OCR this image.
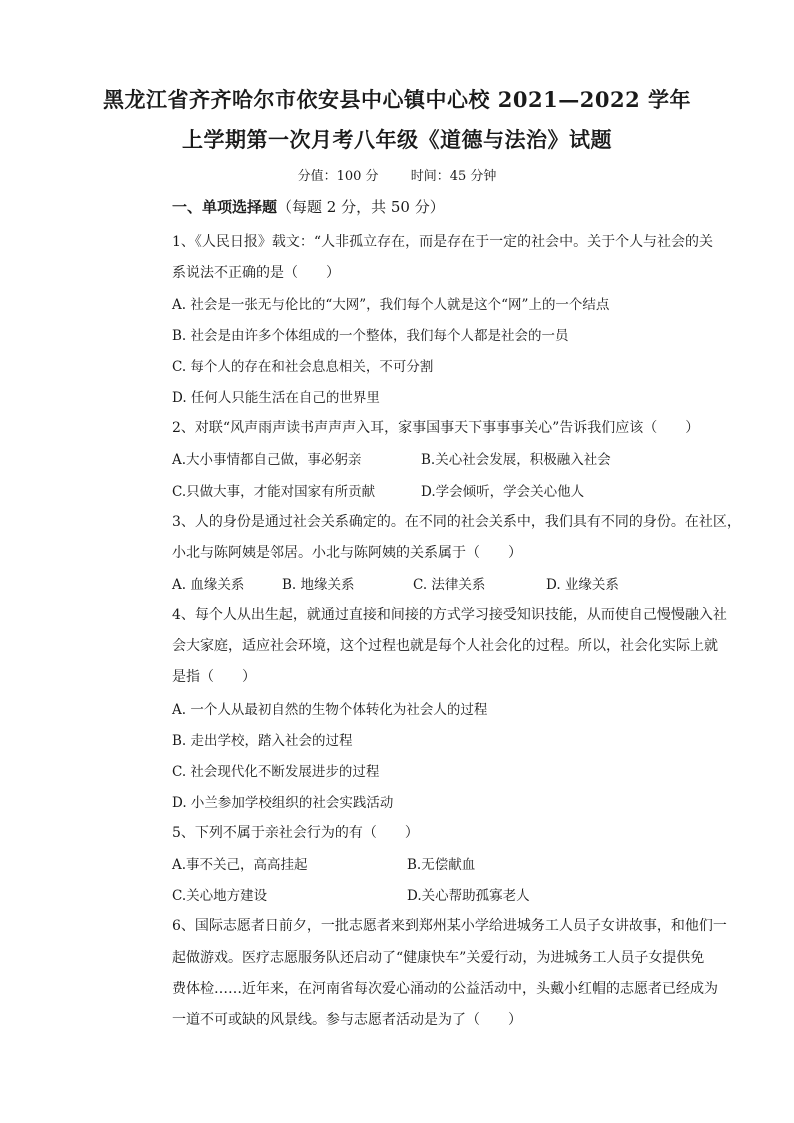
黑龙江省齐齐哈尔市依安县中心镇中心校 2021—2022 学年
上学期第一次月考八年级《道德与法治》试题
分值：100 分 时间：45 分钟
一、单项选择题（每题 2 分，共 50 分）
1、《人民日报》载文：“人非孤立存在，而是存在于一定的社会中。关于个人与社会的关
系说法不正确的是（　　）
A. 社会是一张无与伦比的“大网”，我们每个人就是这个“网”上的一个结点
B. 社会是由许多个体组成的一个整体，我们每个人都是社会的一员
C. 每个人的存在和社会息息相关，不可分割
D. 任何人只能生活在自己的世界里
2、对联“风声雨声读书声声声入耳，家事国事天下事事事关心”告诉我们应该（　　）
A.大小事情都自己做，事必躬亲	B.关心社会发展，积极融入社会
C.只做大事，才能对国家有所贡献	D.学会倾听，学会关心他人
3、人的身份是通过社会关系确定的。在不同的社会关系中，我们具有不同的身份。在社区，
小北与陈阿姨是邻居。小北与陈阿姨的关系属于（　　）
A. 血缘关系	B. 地缘关系	C. 法律关系	D. 业缘关系
4、每个人从出生起，就通过直接和间接的方式学习接受知识技能，从而使自己慢慢融入社
会大家庭，适应社会环境，这个过程也就是每个人社会化的过程。所以，社会化实际上就
是指（　　）
A. 一个人从最初自然的生物个体转化为社会人的过程
B. 走出学校，踏入社会的过程
C. 社会现代化不断发展进步的过程
D. 小兰参加学校组织的社会实践活动
5、下列不属于亲社会行为的有（　　）
A.事不关己，高高挂起	B.无偿献血
C.关心地方建设	D.关心帮助孤寡老人
6、国际志愿者日前夕，一批志愿者来到郑州某小学给进城务工人员子女讲故事，和他们一
起做游戏。医疗志愿服务队还启动了“健康快车”关爱行动，为进城务工人员子女提供免
费体检……近年来，在河南省每次爱心涌动的公益活动中，头戴小红帽的志愿者已经成为
一道不可或缺的风景线。参与志愿者活动是为了（　　）
